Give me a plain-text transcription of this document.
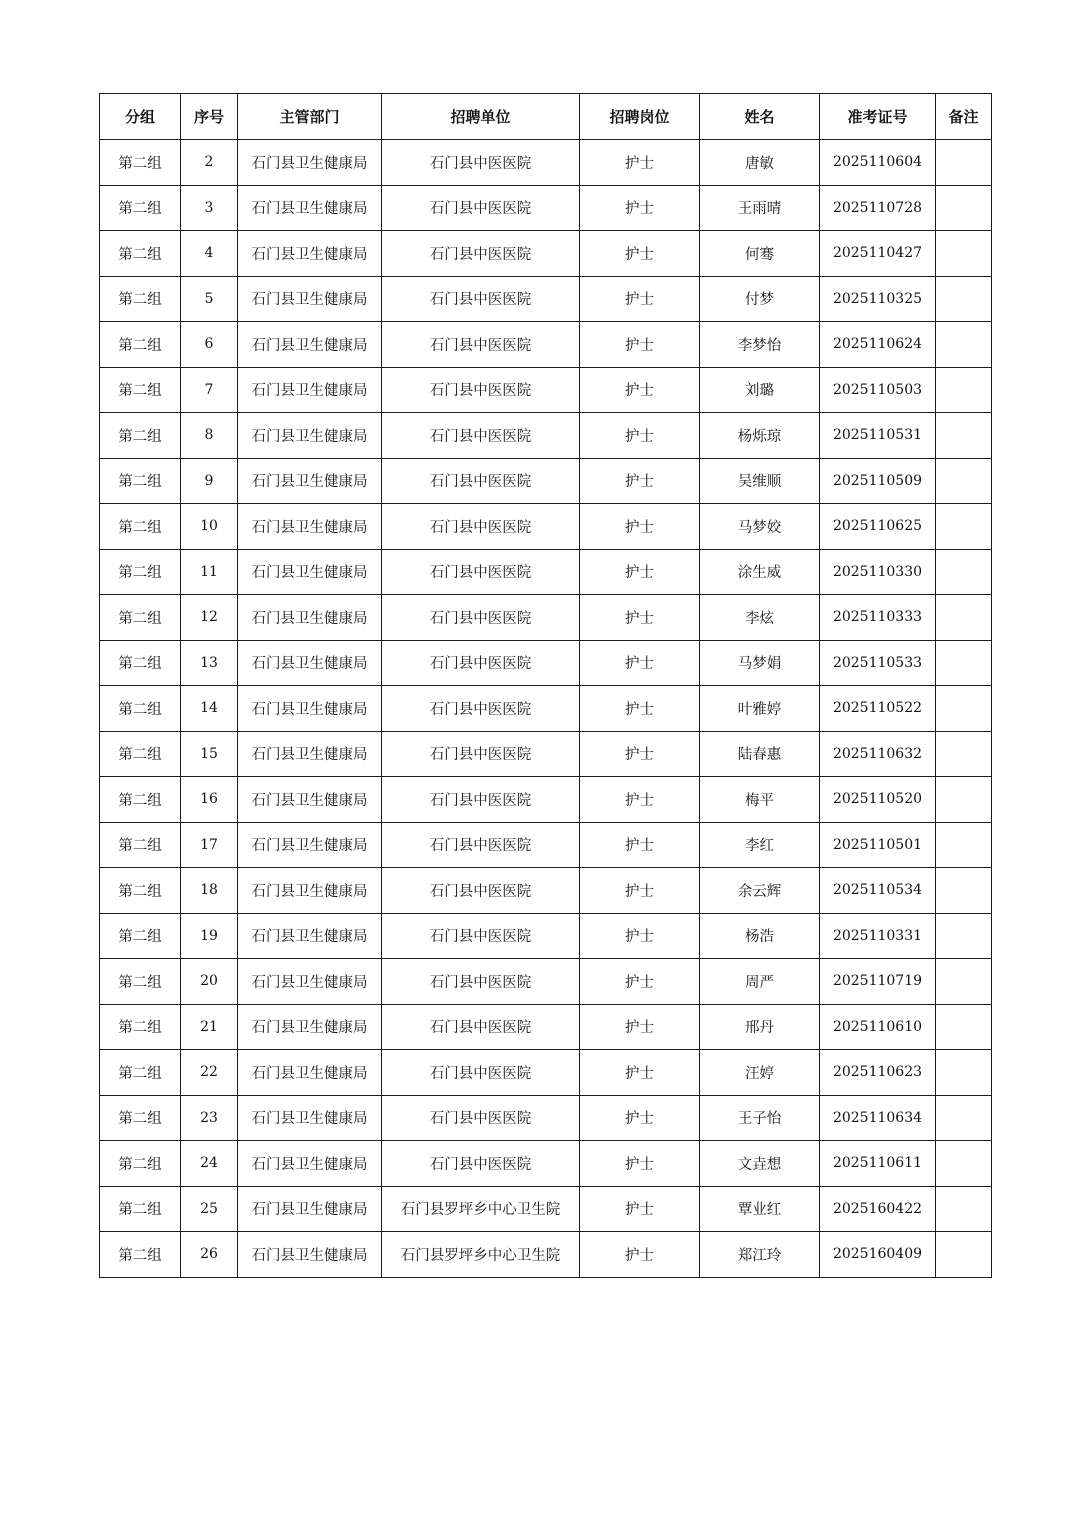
分组	序号	主管部门	招聘单位	招聘岗位	姓名	准考证号	备注
第二组	2	石门县卫生健康局	石门县中医医院	护士	唐敏	2025110604	
第二组	3	石门县卫生健康局	石门县中医医院	护士	王雨晴	2025110728	
第二组	4	石门县卫生健康局	石门县中医医院	护士	何骞	2025110427	
第二组	5	石门县卫生健康局	石门县中医医院	护士	付梦	2025110325	
第二组	6	石门县卫生健康局	石门县中医医院	护士	李梦怡	2025110624	
第二组	7	石门县卫生健康局	石门县中医医院	护士	刘璐	2025110503	
第二组	8	石门县卫生健康局	石门县中医医院	护士	杨烁琼	2025110531	
第二组	9	石门县卫生健康局	石门县中医医院	护士	吴维顺	2025110509	
第二组	10	石门县卫生健康局	石门县中医医院	护士	马梦姣	2025110625	
第二组	11	石门县卫生健康局	石门县中医医院	护士	涂生威	2025110330	
第二组	12	石门县卫生健康局	石门县中医医院	护士	李炫	2025110333	
第二组	13	石门县卫生健康局	石门县中医医院	护士	马梦娟	2025110533	
第二组	14	石门县卫生健康局	石门县中医医院	护士	叶雅婷	2025110522	
第二组	15	石门县卫生健康局	石门县中医医院	护士	陆春惠	2025110632	
第二组	16	石门县卫生健康局	石门县中医医院	护士	梅平	2025110520	
第二组	17	石门县卫生健康局	石门县中医医院	护士	李红	2025110501	
第二组	18	石门县卫生健康局	石门县中医医院	护士	余云辉	2025110534	
第二组	19	石门县卫生健康局	石门县中医医院	护士	杨浩	2025110331	
第二组	20	石门县卫生健康局	石门县中医医院	护士	周严	2025110719	
第二组	21	石门县卫生健康局	石门县中医医院	护士	邢丹	2025110610	
第二组	22	石门县卫生健康局	石门县中医医院	护士	汪婷	2025110623	
第二组	23	石门县卫生健康局	石门县中医医院	护士	王子怡	2025110634	
第二组	24	石门县卫生健康局	石门县中医医院	护士	文垚想	2025110611	
第二组	25	石门县卫生健康局	石门县罗坪乡中心卫生院	护士	覃业红	2025160422	
第二组	26	石门县卫生健康局	石门县罗坪乡中心卫生院	护士	郑江玲	2025160409	
